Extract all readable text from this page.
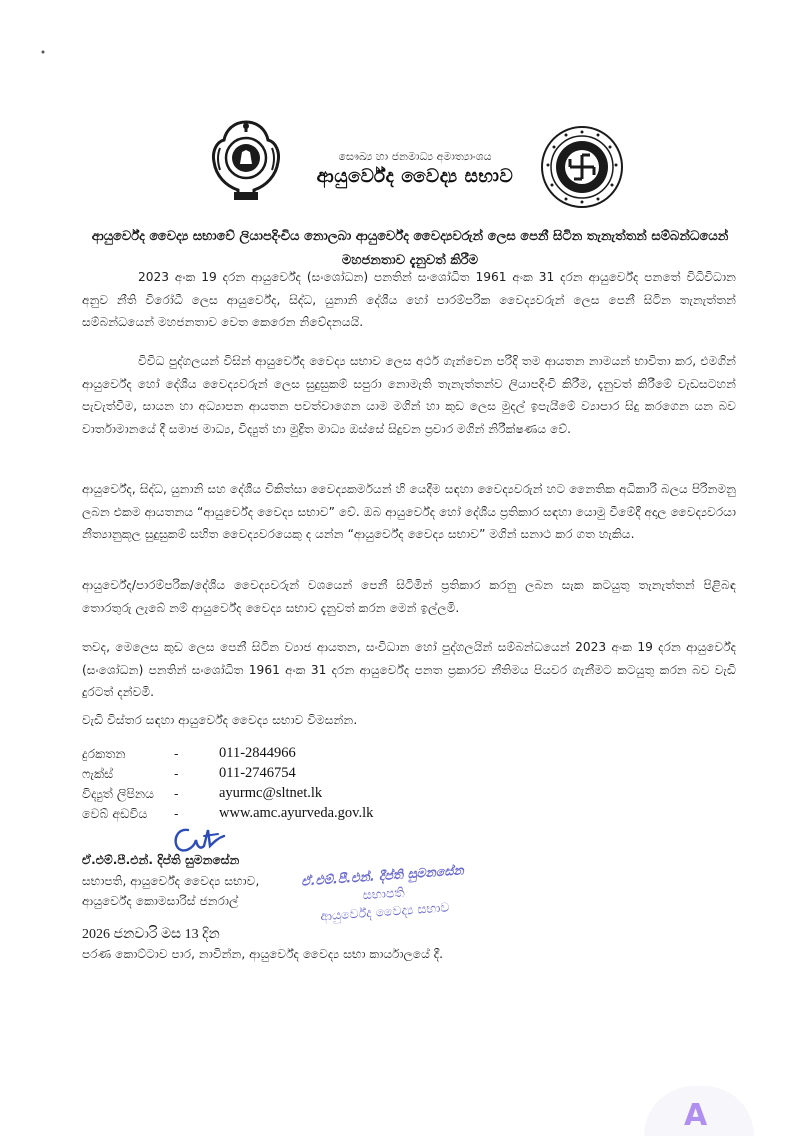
සෞඛ්‍ය හා ජනමාධ්‍ය අමාත්‍යාංශය
ආයුර්වේද වෛද්‍ය සභාව
ආයුර්වේද වෛද්‍ය සභාවේ ලියාපදිංචිය නොලබා ආයුර්වේද වෛද්‍යවරුන් ලෙස පෙනී සිටින තැනැත්තන් සම්බන්ධයෙන් මහජනතාව දැනුවත් කිරීම
2023 අංක 19 දරන ආයුර්වේද (සංශෝධන) පනතින් සංශෝධිත 1961 අංක 31 දරන ආයුර්වේද පනතේ විධිවිධාන අනුව නීති විරෝධී ලෙස ආයුර්වේද, සිද්ධ, යුනානි දේශීය හෝ පාරම්පරික වෛද්‍යවරුන් ලෙස පෙනී සිටින තැනැත්තන් සම්බන්ධයෙන් මහජනතාව වෙත කෙරෙන නිවේදනයයි.
විවිධ පුද්ගලයන් විසින් ආයුර්වේද වෛද්‍ය සභාව ලෙස අර්ථ ගැන්වෙන පරිදි තම ආයතන නාමයන් භාවිතා කර, එමගින් ආයුර්වේද හෝ දේශීය වෛද්‍යවරුන් ලෙස සුදුසුකම් සපුරා නොමැති තැනැත්තන්ව ලියාපදිංචි කිරීම, දැනුවත් කිරීමේ වැඩසටහන් පැවැත්වීම, සායන හා අධ්‍යාපන ආයතන පවත්වාගෙන යාම මගින් හා කුඩ ලෙස මුදල් ඉපැයීමේ ව්‍යාපාර සිදු කරගෙන යන බව වාර්තාමානයේ දී සමාජ මාධ්‍ය, විද්‍යුත් හා මුද්‍රිත මාධ්‍ය ඔස්සේ සිදුවන ප්‍රචාර මගින් නිරීක්ෂණය වේ.
ආයුර්වේද, සිද්ධ, යුනානි සහ දේශීය චිකිත්සා වෛද්‍යකර්මයන් හි යෙදීම සඳහා වෛද්‍යවරුන් හට නෛතික අධිකාරි බලය පිරිනමනු ලබන එකම ආයතනය “ආයුර්වේද වෛද්‍ය සභාව” වේ. ඔබ ආයුර්වේද හෝ දේශීය ප්‍රතිකාර සඳහා යොමු වීමේදී අදාල වෛද්‍යවරයා නීත්‍යානුකූල සුදුසුකම් සහිත වෛද්‍යවරයෙකු ද යන්න “ආයුර්වේද වෛද්‍ය සභාව” මගින් සනාථ කර ගත හැකිය.
ආයුර්වේද/පාරම්පරික/දේශීය වෛද්‍යවරුන් වශයෙන් පෙනී සිටිමින් ප්‍රතිකාර කරනු ලබන සැක කටයුතු තැනැත්තන් පිළිබඳ තොරතුරු ලැබේ නම් ආයුර්වේද වෛද්‍ය සභාව දැනුවත් කරන මෙන් ඉල්ලමි.
තවද, මෙලෙස කුඩ ලෙස පෙනී සිටින ව්‍යාජ ආයතන, සංවිධාන හෝ පුද්ගලයින් සම්බන්ධයෙන් 2023 අංක 19 දරන ආයුර්වේද (සංශෝධන) පනතින් සංශෝධිත 1961 අංක 31 දරන ආයුර්වේද පනත ප්‍රකාරව නීතිමය පියවර ගැනීමට කටයුතු කරන බව වැඩි දුරටත් දන්වමි.
වැඩි විස්තර සඳහා ආයුර්වේද වෛද්‍ය සභාව විමසන්න.
දුරකතන	-	011-2844966
ෆැක්ස්	-	011-2746754
විද්‍යුත් ලිපිනය	-	ayurmc@sltnet.lk
වෙබ් අඩවිය	-	www.amc.ayurveda.gov.lk
ඒ.එම්.පී.එන්. දිප්ති සුමනසේන
සභාපති, ආයුර්වේද වෛද්‍ය සභාව,
ආයුර්වේද කොමසාරිස් ජනරාල්
ඒ.එම්.පී.එන්. දීප්ති සුමනසේන
සභාපති
ආයුර්වේද වෛද්‍ය සභාව
2026 ජනවාරි මස 13 දින
පරණ කොට්ටාව පාර, නාවින්න, ආයුර්වේද වෛද්‍ය සභා කාර්යාලයේ දී.
A
